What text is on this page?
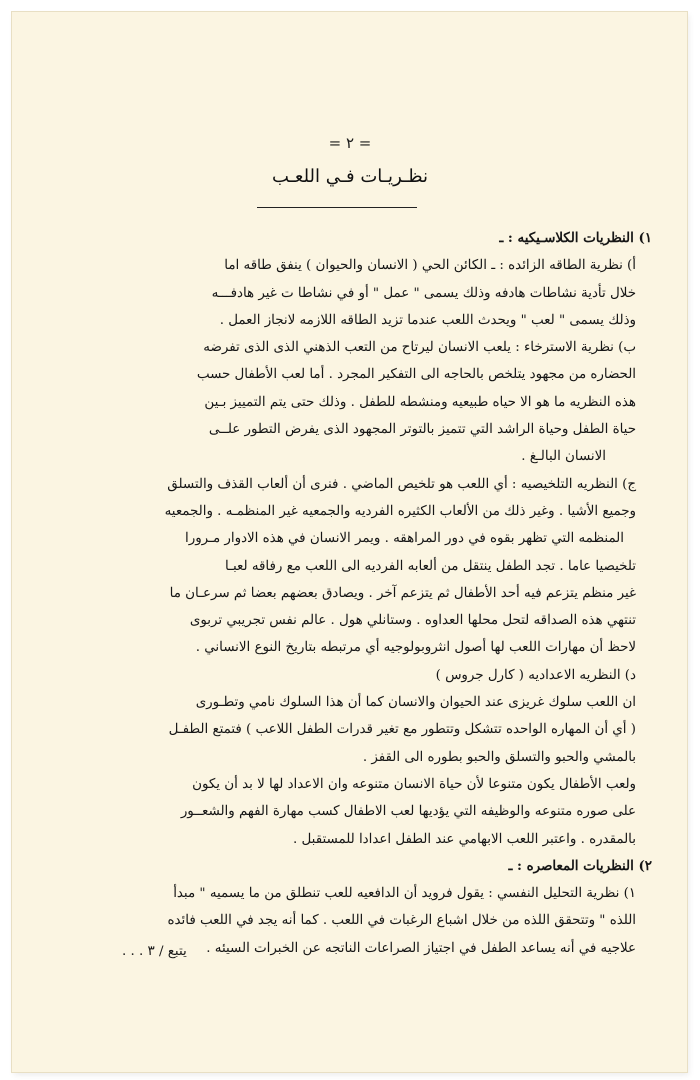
= ٢ =
نظـريـات فـي اللعـب
١) النظريات الكلاسـيكيه : ـ
أ) نظرية الطاقه الزائده : ـ الكائن الحي ( الانسان والحيوان ) ينفق طاقه اما
خلال تأدية نشاطات هادفه وذلك يسمى " عمل " أو في نشاطا ت غير هادفـــه
وذلك يسمى " لعب " ويحدث اللعب عندما تزيد الطاقه اللازمه لانجاز العمل .
ب) نظرية الاسترخاء : يلعب الانسان ليرتاح من التعب الذهني الذى الذى تفرضه
الحضاره من مجهود يتلخص بالحاجه الى التفكير المجرد . أما لعب الأطفال حسب
هذه النظريه ما هو الا حياه طبيعيه ومنشطه للطفل . وذلك حتى يتم التمييز بـين
حياة الطفل وحياة الراشد التي تتميز بالتوتر المجهود الذى يفرض التطور علــى
الانسان البالـغ .
ج) النظريه التلخيصيه : أي اللعب هو تلخيص الماضي . فنرى أن ألعاب القذف والتسلق
وجميع الأشيا . وغير ذلك من الألعاب الكثيره الفرديه والجمعيه غير المنظمـه . والجمعيه
المنظمه التي تظهر بقوه في دور المراهقه . ويمر الانسان في هذه الادوار مـرورا
تلخيصيا عاما . تجد الطفل ينتقل من ألعابه الفرديه الى اللعب مع رفاقه لعبـا
غير منظم يتزعم فيه أحد الأطفال ثم يتزعم آخر . ويصادق بعضهم بعضا ثم سرعـان ما
تنتهي هذه الصداقه لتحل محلها العداوه . وستانلي هول . عالم نفس تجريبي تربوى
لاحظ أن مهارات اللعب لها أصول انثروبولوجيه أي مرتبطه بتاريخ النوع الانساني .
د) النظريه الاعداديه ( كارل جروس )
ان اللعب سلوك غريزى عند الحيوان والانسان كما أن هذا السلوك نامي وتطـورى
( أي أن المهاره الواحده تتشكل وتتطور مع تغير قدرات الطفل اللاعب ) فتمتع الطفـل
بالمشي والحبو والتسلق والحبو بطوره الى القفز .
ولعب الأطفال يكون متنوعا لأن حياة الانسان متنوعه وان الاعداد لها لا بد أن يكون
على صوره متنوعه والوظيفه التي يؤديها لعب الاطفال كسب مهارة الفهم والشعــور
بالمقدره . واعتبر اللعب الابهامي عند الطفل اعدادا للمستقبل .
٢) النظريات المعاصره : ـ
١) نظرية التحليل النفسي : يقول فرويد أن الدافعيه للعب تنطلق من ما يسميه " مبدأ
اللذه " وتتحقق اللذه من خلال اشباع الرغبات في اللعب . كما أنه يجد في اللعب فائده
علاجيه في أنه يساعد الطفل في اجتياز الصراعات الناتجه عن الخبرات السيئه .
يتبع / ٣ . . .
